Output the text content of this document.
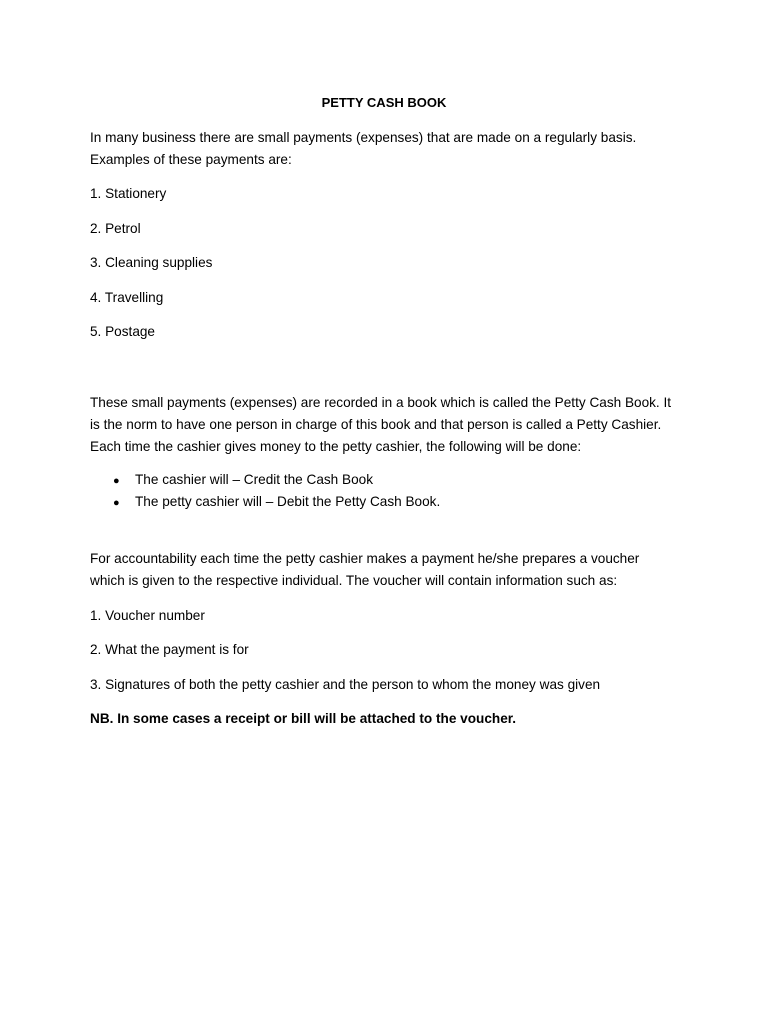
PETTY CASH BOOK
In many business there are small payments (expenses) that are made on a regularly basis.
Examples of these payments are:
1. Stationery
2. Petrol
3. Cleaning supplies
4. Travelling
5. Postage
These small payments (expenses) are recorded in a book which is called the Petty Cash Book. It
is the norm to have one person in charge of this book and that person is called a Petty Cashier.
Each time the cashier gives money to the petty cashier, the following will be done:
● The cashier will – Credit the Cash Book
● The petty cashier will – Debit the Petty Cash Book.
For accountability each time the petty cashier makes a payment he/she prepares a voucher
which is given to the respective individual. The voucher will contain information such as:
1. Voucher number
2. What the payment is for
3. Signatures of both the petty cashier and the person to whom the money was given
NB. In some cases a receipt or bill will be attached to the voucher.
